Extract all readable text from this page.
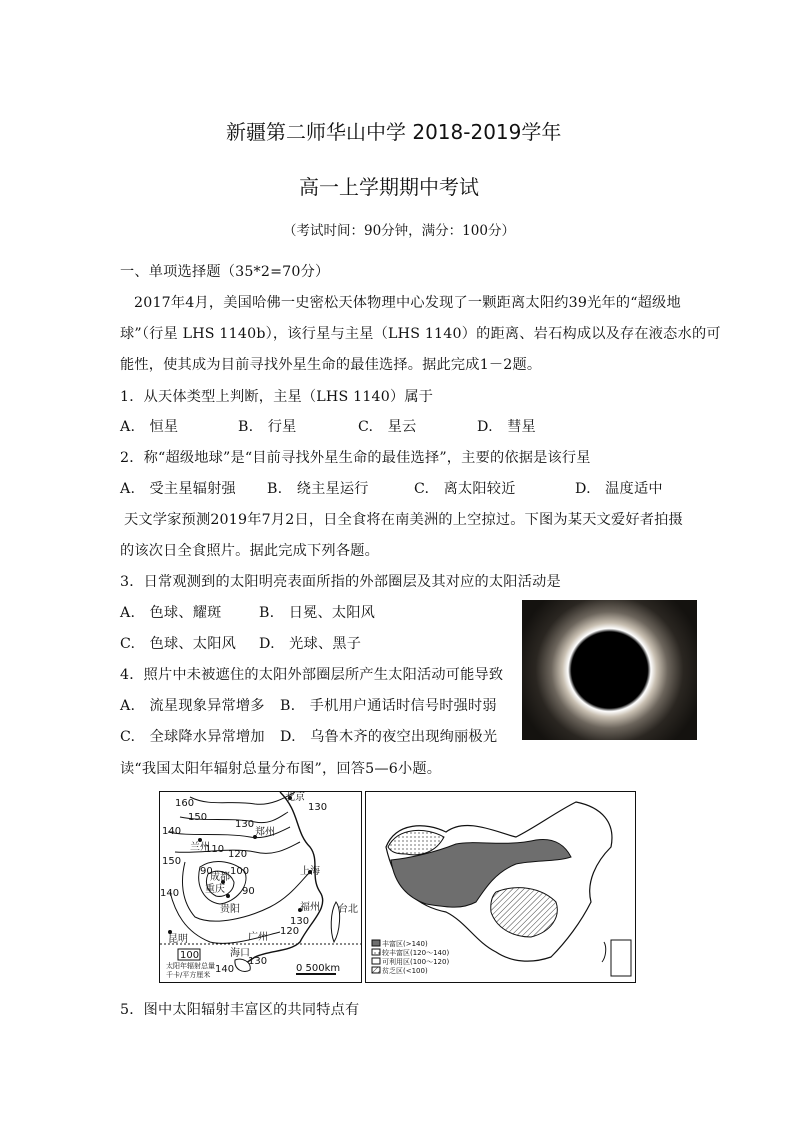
新疆第二师华山中学 2018-2019学年
高一上学期期中考试
（考试时间：90分钟，满分：100分）
一、单项选择题（35*2=70分）
2017年4月，美国哈佛一史密松天体物理中心发现了一颗距离太阳约39光年的“超级地
球”（行星 LHS 1140b），该行星与主星（LHS 1140）的距离、岩石构成以及存在液态水的可
能性，使其成为目前寻找外星生命的最佳选择。据此完成1－2题。
1．从天体类型上判断，主星（LHS 1140）属于
A.　恒星	B.　行星	C.　星云	D.　彗星
2．称“超级地球”是“目前寻找外星生命的最佳选择”，主要的依据是该行星
A.　受主星辐射强 B.　绕主星运行	C.　离太阳较近	D.　温度适中
天文学家预测2019年7月2日，日全食将在南美洲的上空掠过。下图为某天文爱好者拍摄
的该次日全食照片。据此完成下列各题。
3．日常观测到的太阳明亮表面所指的外部圈层及其对应的太阳活动是
A.　色球、耀斑	B.　日冕、太阳风
C.　色球、太阳风 D.　光球、黑子
4．照片中未被遮住的太阳外部圈层所产生太阳活动可能导致
A.　流星现象异常增多 B.　手机用户通话时信号时强时弱
C.　全球降水异常增加 D.　乌鲁木齐的夜空出现绚丽极光
读“我国太阳年辐射总量分布图”，回答5—6小题。
北京
兰州
郑州
成都
重庆
贵阳
上海
福州 台北
广州
昆明
海口
160
150
140
130
130
120
110
100
90
90
150
140
120
130
100
140
130
太阳年辐射总量
千卡/平方厘米
0 500km
丰富区(>140)
较丰富区(120～140)
可利用区(100～120)
贫乏区(<100)
5．图中太阳辐射丰富区的共同特点有
